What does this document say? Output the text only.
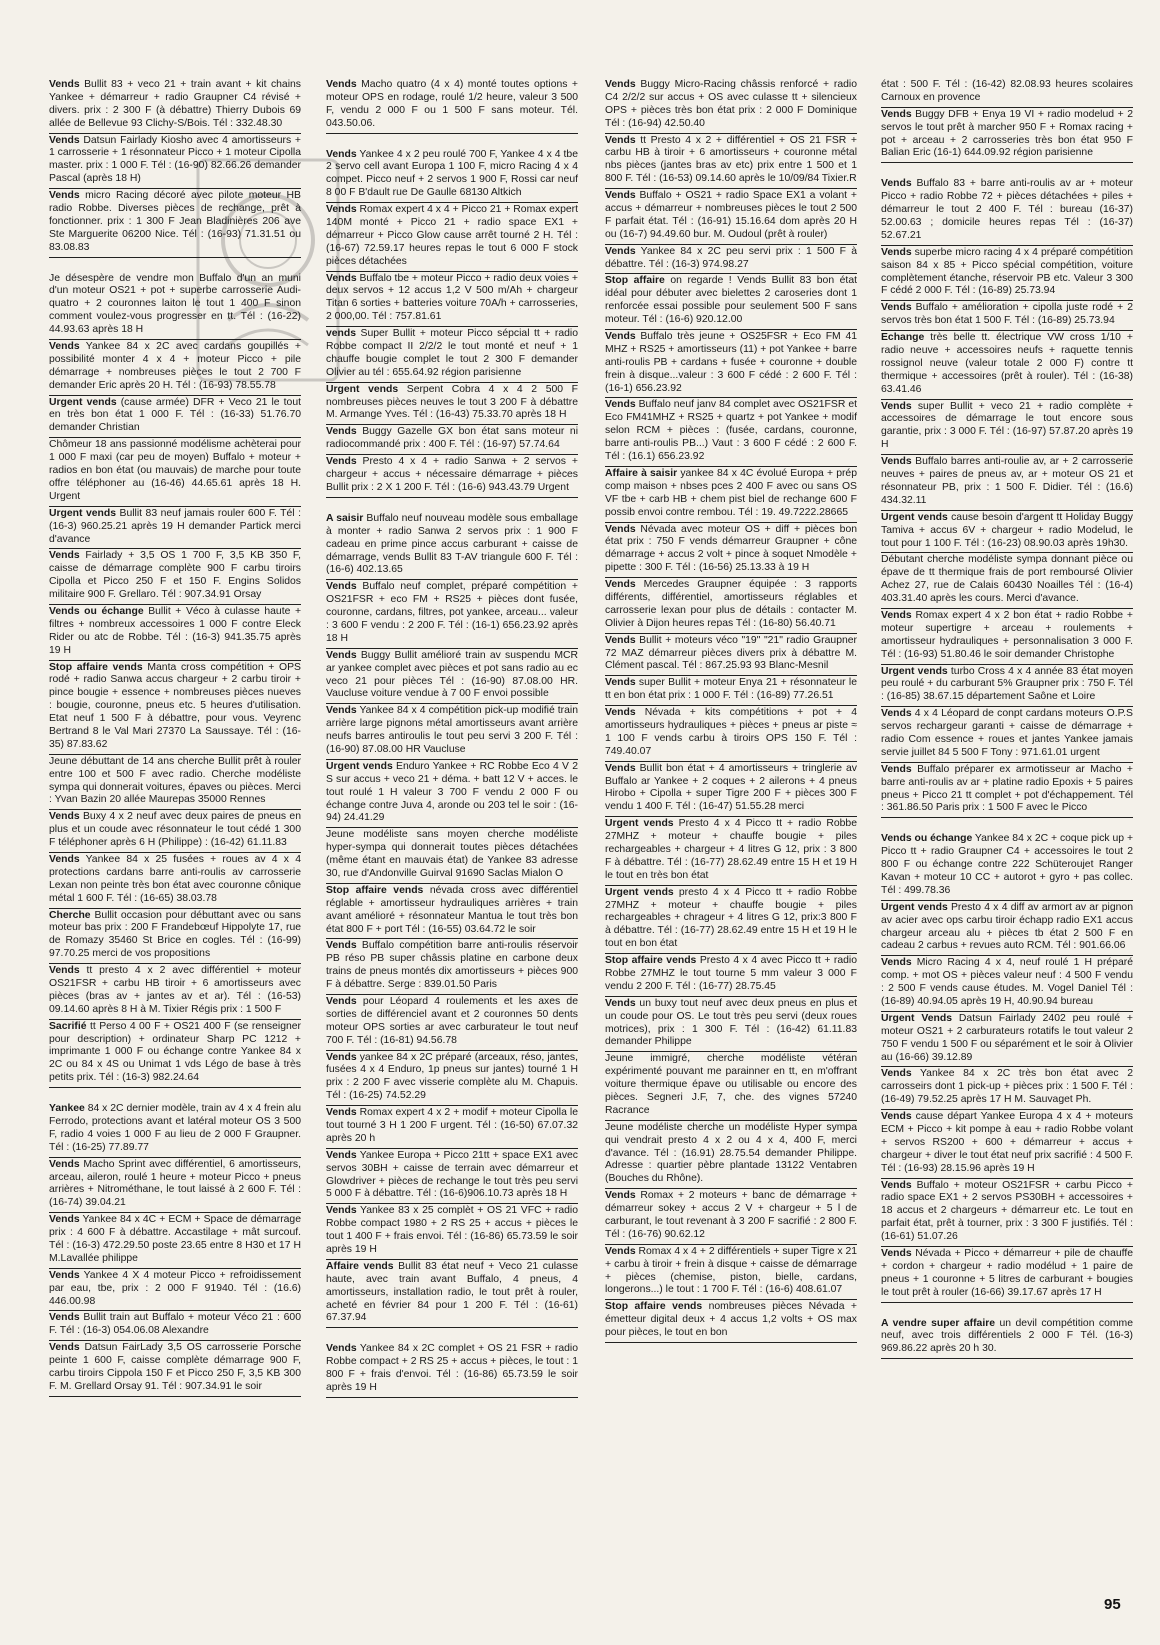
Vends Bullit 83 + veco 21 + train avant + kit chains Yankee + démarreur + radio Graupner C4 révisé + divers. prix : 2 300 F (à débattre) Thierry Dubois 69 allée de Bellevue 93 Clichy-S/Bois. Tél : 332.48.30
Vends Datsun Fairlady Kiosho avec 4 amortisseurs + 1 carrosserie + 1 résonnateur Picco + 1 moteur Cipolla master. prix : 1 000 F. Tél : (16-90) 82.66.26 demander Pascal (après 18 H)
Vends micro Racing décoré avec pilote moteur HB radio Robbe. Diverses pièces de rechange, prêt à fonctionner. prix : 1 300 F Jean Bladinières 206 ave Ste Marguerite 06200 Nice. Tél : (16-93) 71.31.51 ou 83.08.83
Je désespère de vendre mon Buffalo d'un an muni d'un moteur OS21 + pot + superbe carrosserie Audi-quatro + 2 couronnes laiton le tout 1 400 F sinon comment voulez-vous progresser en tt. Tél : (16-22) 44.93.63 après 18 H
Vends Yankee 84 x 2C avec cardans goupillés + possibilité monter 4 x 4 + moteur Picco + pile démarrage + nombreuses pièces le tout 2 700 F demander Eric après 20 H. Tél : (16-93) 78.55.78
Urgent vends (cause armée) DFR + Veco 21 le tout en très bon état 1 000 F. Tél : (16-33) 51.76.70 demander Christian
Chômeur 18 ans passionné modélisme achèterai pour 1 000 F maxi (car peu de moyen) Buffalo + moteur + radios en bon état (ou mauvais) de marche pour toute offre téléphoner au (16-46) 44.65.61 après 18 H. Urgent
Urgent vends Bullit 83 neuf jamais rouler 600 F. Tél : (16-3) 960.25.21 après 19 H demander Partick merci d'avance
Vends Fairlady + 3,5 OS 1 700 F, 3,5 KB 350 F, caisse de démarrage complète 900 F carbu tiroirs Cipolla et Picco 250 F et 150 F. Engins Solidos militaire 900 F. Grellaro. Tél : 907.34.91 Orsay
Vends ou échange Bullit + Véco à culasse haute + filtres + nombreux accessoires 1 000 F contre Eleck Rider ou atc de Robbe. Tél : (16-3) 941.35.75 après 19 H
Stop affaire vends Manta cross compétition + OPS rodé + radio Sanwa accus chargeur + 2 carbu tiroir + pince bougie + essence + nombreuses pièces nueves : bougie, couronne, pneus etc. 5 heures d'utilisation. Etat neuf 1 500 F à débattre, pour vous. Veyrenc Bertrand 8 le Val Mari 27370 La Saussaye. Tél : (16-35) 87.83.62
Jeune débuttant de 14 ans cherche Bullit prêt à rouler entre 100 et 500 F avec radio. Cherche modéliste sympa qui donnerait voitures, épaves ou pièces. Merci : Yvan Bazin 20 allée Maurepas 35000 Rennes
Vends Buxy 4 x 2 neuf avec deux paires de pneus en plus et un coude avec résonnateur le tout cédé 1 300 F téléphoner après 6 H (Philippe) : (16-42) 61.11.83
Vends Yankee 84 x 25 fusées + roues av 4 x 4 protections cardans barre anti-roulis av carrosserie Lexan non peinte très bon état avec couronne cônique métal 1 600 F. Tél : (16-65) 38.03.78
Cherche Bullit occasion pour débuttant avec ou sans moteur bas prix : 200 F Frandebœuf Hippolyte 17, rue de Romazy 35460 St Brice en cogles. Tél : (16-99) 97.70.25 merci de vos propositions
Vends tt presto 4 x 2 avec différentiel + moteur OS21FSR + carbu HB tiroir + 6 amortisseurs avec pièces (bras av + jantes av et ar). Tél : (16-53) 09.14.60 après 8 H à M. Tixier Régis prix : 1 500 F
Sacrifié tt Perso 4 00 F + OS21 400 F (se renseigner pour description) + ordinateur Sharp PC 1212 + imprimante 1 000 F ou échange contre Yankee 84 x 2C ou 84 x 4S ou Unimat 1 vds Légo de base à très petits prix. Tél : (16-3) 982.24.64
Yankee 84 x 2C dernier modèle, train av 4 x 4 frein alu Ferrodo, protections avant et latéral moteur OS 3 500 F, radio 4 voies 1 000 F au lieu de 2 000 F Graupner. Tél : (16-25) 77.89.77
Vends Macho Sprint avec différentiel, 6 amortisseurs, arceau, aileron, roulé 1 heure + moteur Picco + pneus arrières + Nitrométhane, le tout laissé à 2 600 F. Tél : (16-74) 39.04.21
Vends Yankee 84 x 4C + ECM + Space de démarrage prix : 4 600 F à débattre. Accastilage + mât surcouf. Tél : (16-3) 472.29.50 poste 23.65 entre 8 H30 et 17 H M.Lavallée philippe
Vends Yankee 4 X 4 moteur Picco + refroidissement par eau, tbe, prix : 2 000 F 91940. Tél : (16.6) 446.00.98
Vends Bullit train aut Buffalo + moteur Véco 21 : 600 F. Tél : (16-3) 054.06.08 Alexandre
Vends Datsun FairLady 3,5 OS carrosserie Porsche peinte 1 600 F, caisse complète démarrage 900 F, carbu tiroirs Cippola 150 F et Picco 250 F, 3,5 KB 300 F. M. Grellard Orsay 91. Tél : 907.34.91 le soir
Vends Macho quatro (4 x 4) monté toutes options + moteur OPS en rodage, roulé 1/2 heure, valeur 3 500 F, vendu 2 000 F ou 1 500 F sans moteur. Tél. 043.50.06.
Vends Yankee 4 x 2 peu roulé 700 F, Yankee 4 x 4 tbe 2 servo cell avant Europa 1 100 F, micro Racing 4 x 4 compet. Picco neuf + 2 servos 1 900 F, Rossi car neuf 8 00 F B'dault rue De Gaulle 68130 Altkich
Vends Romax expert 4 x 4 + Picco 21 + Romax expert 140M monté + Picco 21 + radio space EX1 + démarreur + Picco Glow cause arrêt tourné 2 H. Tél : (16-67) 72.59.17 heures repas le tout 6 000 F stock pièces détachées
Vends Buffalo tbe + moteur Picco + radio deux voies + deux servos + 12 accus 1,2 V 500 m/Ah + chargeur Titan 6 sorties + batteries voiture 70A/h + carrosseries, 2 000,00. Tél : 757.81.61
vends Super Bullit + moteur Picco sépcial tt + radio Robbe compact II 2/2/2 le tout monté et neuf + 1 chauffe bougie complet le tout 2 300 F demander Olivier au tél : 655.64.92 région parisienne
Urgent vends Serpent Cobra 4 x 4 2 500 F nombreuses pièces neuves le tout 3 200 F à débattre M. Armange Yves. Tél : (16-43) 75.33.70 après 18 H
Vends Buggy Gazelle GX bon état sans moteur ni radiocommandé prix : 400 F. Tél : (16-97) 57.74.64
Vends Presto 4 x 4 + radio Sanwa + 2 servos + chargeur + accus + nécessaire démarrage + pièces Bullit prix : 2 X 1 200 F. Tél : (16-6) 943.43.79 Urgent
A saisir Buffalo neuf nouveau modèle sous emballage à monter + radio Sanwa 2 servos prix : 1 900 F cadeau en prime pince accus carburant + caisse de démarrage, vends Bullit 83 T-AV triangule 600 F. Tél : (16-6) 402.13.65
Vends Buffalo neuf complet, préparé compétition + OS21FSR + eco FM + RS25 + pièces dont fusée, couronne, cardans, filtres, pot yankee, arceau... valeur : 3 600 F vendu : 2 200 F. Tél : (16-1) 656.23.92 après 18 H
Vends Buggy Bullit amélioré train av suspendu MCR ar yankee complet avec pièces et pot sans radio au ec veco 21 pour pièces Tél : (16-90) 87.08.00 HR. Vaucluse voiture vendue à 7 00 F envoi possible
Vends Yankee 84 x 4 compétition pick-up modifié train arrière large pignons métal amortisseurs avant arrière neufs barres antiroulis le tout peu servi 3 200 F. Tél : (16-90) 87.08.00 HR Vaucluse
Urgent vends Enduro Yankee + RC Robbe Eco 4 V 2 S sur accus + veco 21 + déma. + batt 12 V + acces. le tout roulé 1 H valeur 3 700 F vendu 2 000 F ou échange contre Juva 4, aronde ou 203 tel le soir : (16-94) 24.41.29
Jeune modéliste sans moyen cherche modéliste hyper-sympa qui donnerait toutes pièces détachées (même étant en mauvais état) de Yankee 83 adresse 30, rue d'Andonville Guirval 91690 Saclas Mialon O
Stop affaire vends névada cross avec différentiel réglable + amortisseur hydrauliques arrières + train avant amélioré + résonnateur Mantua le tout très bon état 800 F + port Tél : (16-55) 03.64.72 le soir
Vends Buffalo compétition barre anti-roulis réservoir PB réso PB super châssis platine en carbone deux trains de pneus montés dix amortisseurs + pièces 900 F à débattre. Serge : 839.01.50 Paris
Vends pour Léopard 4 roulements et les axes de sorties de différenciel avant et 2 couronnes 50 dents moteur OPS sorties ar avec carburateur le tout neuf 700 F. Tél : (16-81) 94.56.78
Vends yankee 84 x 2C préparé (arceaux, réso, jantes, fusées 4 x 4 Enduro, 1p pneus sur jantes) tourné 1 H prix : 2 200 F avec visserie complète alu M. Chapuis. Tél : (16-25) 74.52.29
Vends Romax expert 4 x 2 + modif + moteur Cipolla le tout tourné 3 H 1 200 F urgent. Tél : (16-50) 67.07.32 après 20 h
Vends Yankee Europa + Picco 21tt + space EX1 avec servos 30BH + caisse de terrain avec démarreur et Glowdriver + pièces de rechange le tout très peu servi 5 000 F à débattre. Tél : (16-6)906.10.73 après 18 H
Vends Yankee 83 x 25 complèt + OS 21 VFC + radio Robbe compact 1980 + 2 RS 25 + accus + pièces le tout 1 400 F + frais envoi. Tél : (16-86) 65.73.59 le soir après 19 H
Affaire vends Bullit 83 état neuf + Veco 21 culasse haute, avec train avant Buffalo, 4 pneus, 4 amortisseurs, installation radio, le tout prêt à rouler, acheté en février 84 pour 1 200 F. Tél : (16-61) 67.37.94
Vends Yankee 84 x 2C complet + OS 21 FSR + radio Robbe compact + 2 RS 25 + accus + pièces, le tout : 1 800 F + frais d'envoi. Tél : (16-86) 65.73.59 le soir après 19 H
Vends Buggy Micro-Racing châssis renforcé + radio C4 2/2/2 sur accus + OS avec culasse tt + silencieux OPS + pièces très bon état prix : 2 000 F Dominique Tél : (16-94) 42.50.40
Vends tt Presto 4 x 2 + différentiel + OS 21 FSR + carbu HB à tiroir + 6 amortisseurs + couronne métal nbs pièces (jantes bras av etc) prix entre 1 500 et 1 800 F. Tél : (16-53) 09.14.60 après le 10/09/84 Tixier.R
Vends Buffalo + OS21 + radio Space EX1 a volant + accus + démarreur + nombreuses pièces le tout 2 500 F parfait état. Tél : (16-91) 15.16.64 dom après 20 H ou (16-7) 94.49.60 bur. M. Oudoul (prêt à rouler)
Vends Yankee 84 x 2C peu servi prix : 1 500 F à débattre. Tél : (16-3) 974.98.27
Stop affaire on regarde ! Vends Bullit 83 bon état idéal pour débuter avec bielettes 2 caroseries dont 1 renforcée essai possible pour seulement 500 F sans moteur. Tél : (16-6) 920.12.00
Vends Buffalo très jeune + OS25FSR + Eco FM 41 MHZ + RS25 + amortisseurs (11) + pot Yankee + barre anti-roulis PB + cardans + fusée + couronne + double frein à disque...valeur : 3 600 F cédé : 2 600 F. Tél : (16-1) 656.23.92
Vends Buffalo neuf janv 84 complet avec OS21FSR et Eco FM41MHZ + RS25 + quartz + pot Yankee + modif selon RCM + pièces : (fusée, cardans, couronne, barre anti-roulis PB...) Vaut : 3 600 F cédé : 2 600 F. Tél : (16.1) 656.23.92
Affaire à saisir yankee 84 x 4C évolué Europa + prép comp maison + nbses pces 2 400 F avec ou sans OS VF tbe + carb HB + chem pist biel de rechange 600 F possib envoi contre rembou. Tél : 19. 49.7222.28665
Vends Névada avec moteur OS + diff + pièces bon état prix : 750 F vends démarreur Graupner + cône démarrage + accus 2 volt + pince à soquet Nmodèle + pipette : 300 F. Tél : (16-56) 25.13.33 à 19 H
Vends Mercedes Graupner équipée : 3 rapports différents, différentiel, amortisseurs réglables et carrosserie lexan pour plus de détails : contacter M. Olivier à Dijon heures repas Tél : (16-80) 56.40.71
Vends Bullit + moteurs véco "19" "21" radio Graupner 72 MAZ démarreur pièces divers prix à débattre M. Clément pascal. Tél : 867.25.93 93 Blanc-Mesnil
Vends super Bullit + moteur Enya 21 + résonnateur le tt en bon état prix : 1 000 F. Tél : (16-89) 77.26.51
Vends Névada + kits compétitions + pot + 4 amortisseurs hydrauliques + pièces + pneus ar piste ≈ 1 100 F vends carbu à tiroirs OPS 150 F. Tél : 749.40.07
Vends Bullit bon état + 4 amortisseurs + tringlerie av Buffalo ar Yankee + 2 coques + 2 ailerons + 4 pneus Hirobo + Cipolla + super Tigre 200 F + pièces 300 F vendu 1 400 F. Tél : (16-47) 51.55.28 merci
Urgent vends Presto 4 x 4 Picco tt + radio Robbe 27MHZ + moteur + chauffe bougie + piles rechargeables + chargeur + 4 litres G 12, prix : 3 800 F à débattre. Tél : (16-77) 28.62.49 entre 15 H et 19 H le tout en très bon état
Urgent vends presto 4 x 4 Picco tt + radio Robbe 27MHZ + moteur + chauffe bougie + piles rechargeables + chrageur + 4 litres G 12, prix:3 800 F à débattre. Tél : (16-77) 28.62.49 entre 15 H et 19 H le tout en bon état
Stop affaire vends Presto 4 x 4 avec Picco tt + radio Robbe 27MHZ le tout tourne 5 mm valeur 3 000 F vendu 2 200 F. Tél : (16-77) 28.75.45
Vends un buxy tout neuf avec deux pneus en plus et un coude pour OS. Le tout très peu servi (deux roues motrices), prix : 1 300 F. Tél : (16-42) 61.11.83 demander Philippe
Jeune immigré, cherche modéliste vétéran expérimenté pouvant me parainner en tt, en m'offrant voiture thermique épave ou utilisable ou encore des pièces. Segneri J.F, 7, che. des vignes 57240 Racrance
Jeune modéliste cherche un modéliste Hyper sympa qui vendrait presto 4 x 2 ou 4 x 4, 400 F, merci d'avance. Tél : (16.91) 28.75.54 demander Philippe. Adresse : quartier pèbre plantade 13122 Ventabren (Bouches du Rhône).
Vends Romax + 2 moteurs + banc de démarrage + démarreur sokey + accus 2 V + chargeur + 5 l de carburant, le tout revenant à 3 200 F sacrifié : 2 800 F. Tél : (16-76) 90.62.12
Vends Romax 4 x 4 + 2 différentiels + super Tigre x 21 + carbu à tiroir + frein à disque + caisse de démarrage + pièces (chemise, piston, bielle, cardans, longerons...) le tout : 1 700 F. Tél : (16-6) 408.61.07
Stop affaire vends nombreuses pièces Névada + émetteur digital deux + 4 accus 1,2 volts + OS max pour pièces, le tout en bon
état : 500 F. Tél : (16-42) 82.08.93 heures scolaires Carnoux en provence
Vends Buggy DFB + Enya 19 VI + radio modelud + 2 servos le tout prêt à marcher 950 F + Romax racing + pot + arceau + 2 carrosseries très bon état 950 F Balian Eric (16-1) 644.09.92 région parisienne
Vends Buffalo 83 + barre anti-roulis av ar + moteur Picco + radio Robbe 72 + pièces détachées + piles + démarreur le tout 2 400 F. Tél : bureau (16-37) 52.00.63 ; domicile heures repas Tél : (16-37) 52.67.21
Vends superbe micro racing 4 x 4 préparé compétition saison 84 x 85 + Picco spécial compétition, voiture complètement étanche, réservoir PB etc. Valeur 3 300 F cédé 2 000 F. Tél : (16-89) 25.73.94
Vends Buffalo + amélioration + cipolla juste rodé + 2 servos très bon état 1 500 F. Tél : (16-89) 25.73.94
Echange très belle tt. électrique VW cross 1/10 + radio neuve + accessoires neufs + raquette tennis rossignol neuve (valeur totale 2 000 F) contre tt thermique + accessoires (prêt à rouler). Tél : (16-38) 63.41.46
Vends super Bullit + veco 21 + radio complète + accessoires de démarrage le tout encore sous garantie, prix : 3 000 F. Tél : (16-97) 57.87.20 après 19 H
Vends Buffalo barres anti-roulie av, ar + 2 carrosserie neuves + paires de pneus av, ar + moteur OS 21 et résonnateur PB, prix : 1 500 F. Didier. Tél : (16.6) 434.32.11
Urgent vends cause besoin d'argent tt Holiday Buggy Tamiva + accus 6V + chargeur + radio Modelud, le tout pour 1 100 F. Tél : (16-23) 08.90.03 après 19h30.
Débutant cherche modéliste sympa donnant pièce ou épave de tt thermique frais de port remboursé Olivier Achez 27, rue de Calais 60430 Noailles Tél : (16-4) 403.31.40 après les cours. Merci d'avance.
Vends Romax expert 4 x 2 bon état + radio Robbe + moteur supertigre + arceau + roulements + amortisseur hydrauliques + personnalisation 3 000 F. Tél : (16-93) 51.80.46 le soir demander Christophe
Urgent vends turbo Cross 4 x 4 année 83 état moyen peu roulé + du carburant 5% Graupner prix : 750 F. Tél : (16-85) 38.67.15 département Saône et Loire
Vends 4 x 4 Léopard de conpt cardans moteurs O.P.S servos rechargeur garanti + caisse de démarrage + radio Com essence + roues et jantes Yankee jamais servie juillet 84 5 500 F Tony : 971.61.01 urgent
Vends Buffalo préparer ex armotisseur ar Macho + barre anti-roulis av ar + platine radio Epoxis + 5 paires pneus + Picco 21 tt complet + pot d'échappement. Tél : 361.86.50 Paris prix : 1 500 F avec le Picco
Vends ou échange Yankee 84 x 2C + coque pick up + Picco tt + radio Graupner C4 + accessoires le tout 2 800 F ou échange contre 222 Schüteroujet Ranger Kavan + moteur 10 CC + autorot + gyro + pas collec. Tél : 499.78.36
Urgent vends Presto 4 x 4 diff av armort av ar pignon av acier avec ops carbu tiroir échapp radio EX1 accus chargeur arceau alu + pièces tb état 2 500 F en cadeau 2 carbus + revues auto RCM. Tél : 901.66.06
Vends Micro Racing 4 x 4, neuf roulé 1 H préparé comp. + mot OS + pièces valeur neuf : 4 500 F vendu : 2 500 F vends cause études. M. Vogel Daniel Tél : (16-89) 40.94.05 après 19 H, 40.90.94 bureau
Urgent Vends Datsun Fairlady 2402 peu roulé + moteur OS21 + 2 carburateurs rotatifs le tout valeur 2 750 F vendu 1 500 F ou séparément et le soir à Olivier au (16-66) 39.12.89
Vends Yankee 84 x 2C très bon état avec 2 carrosseirs dont 1 pick-up + pièces prix : 1 500 F. Tél : (16-49) 79.52.25 après 17 H M. Sauvaget Ph.
Vends cause départ Yankee Europa 4 x 4 + moteurs ECM + Picco + kit pompe à eau + radio Robbe volant + servos RS200 + 600 + démarreur + accus + chargeur + diver le tout état neuf prix sacrifié : 4 500 F. Tél : (16-93) 28.15.96 après 19 H
Vends Buffalo + moteur OS21FSR + carbu Picco + radio space EX1 + 2 servos PS30BH + accessoires + 18 accus et 2 chargeurs + démarreur etc. Le tout en parfait état, prêt à tourner, prix : 3 300 F justifiés. Tél : (16-61) 51.07.26
Vends Névada + Picco + démarreur + pile de chauffe + cordon + chargeur + radio modélud + 1 paire de pneus + 1 couronne + 5 litres de carburant + bougies le tout prêt à rouler (16-66) 39.17.67 après 17 H
A vendre super affaire un devil compétition comme neuf, avec trois différentiels 2 000 F Tél. (16-3) 969.86.22 après 20 h 30.
95
